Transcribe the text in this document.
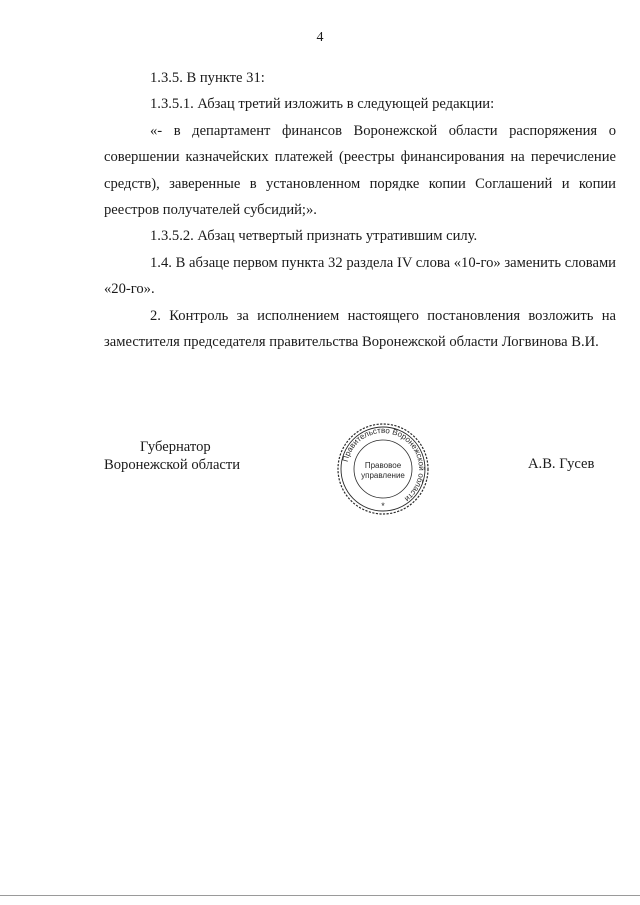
4

1.3.5. В пункте 31:

1.3.5.1. Абзац третий изложить в следующей редакции:

«- в департамент финансов Воронежской области распоряжения о совершении казначейских платежей (реестры финансирования на перечисление средств), заверенные в установленном порядке копии Соглашений и копии реестров получателей субсидий;».

1.3.5.2. Абзац четвертый признать утратившим силу.

1.4. В абзаце первом пункта 32 раздела IV слова «10-го» заменить словами «20-го».

2. Контроль за исполнением настоящего постановления возложить на заместителя председателя правительства Воронежской области Логвинова В.И.

Губернатор
Воронежской области	Правительство Воронежской области
Правовое
управление
*
А.В. Гусев
